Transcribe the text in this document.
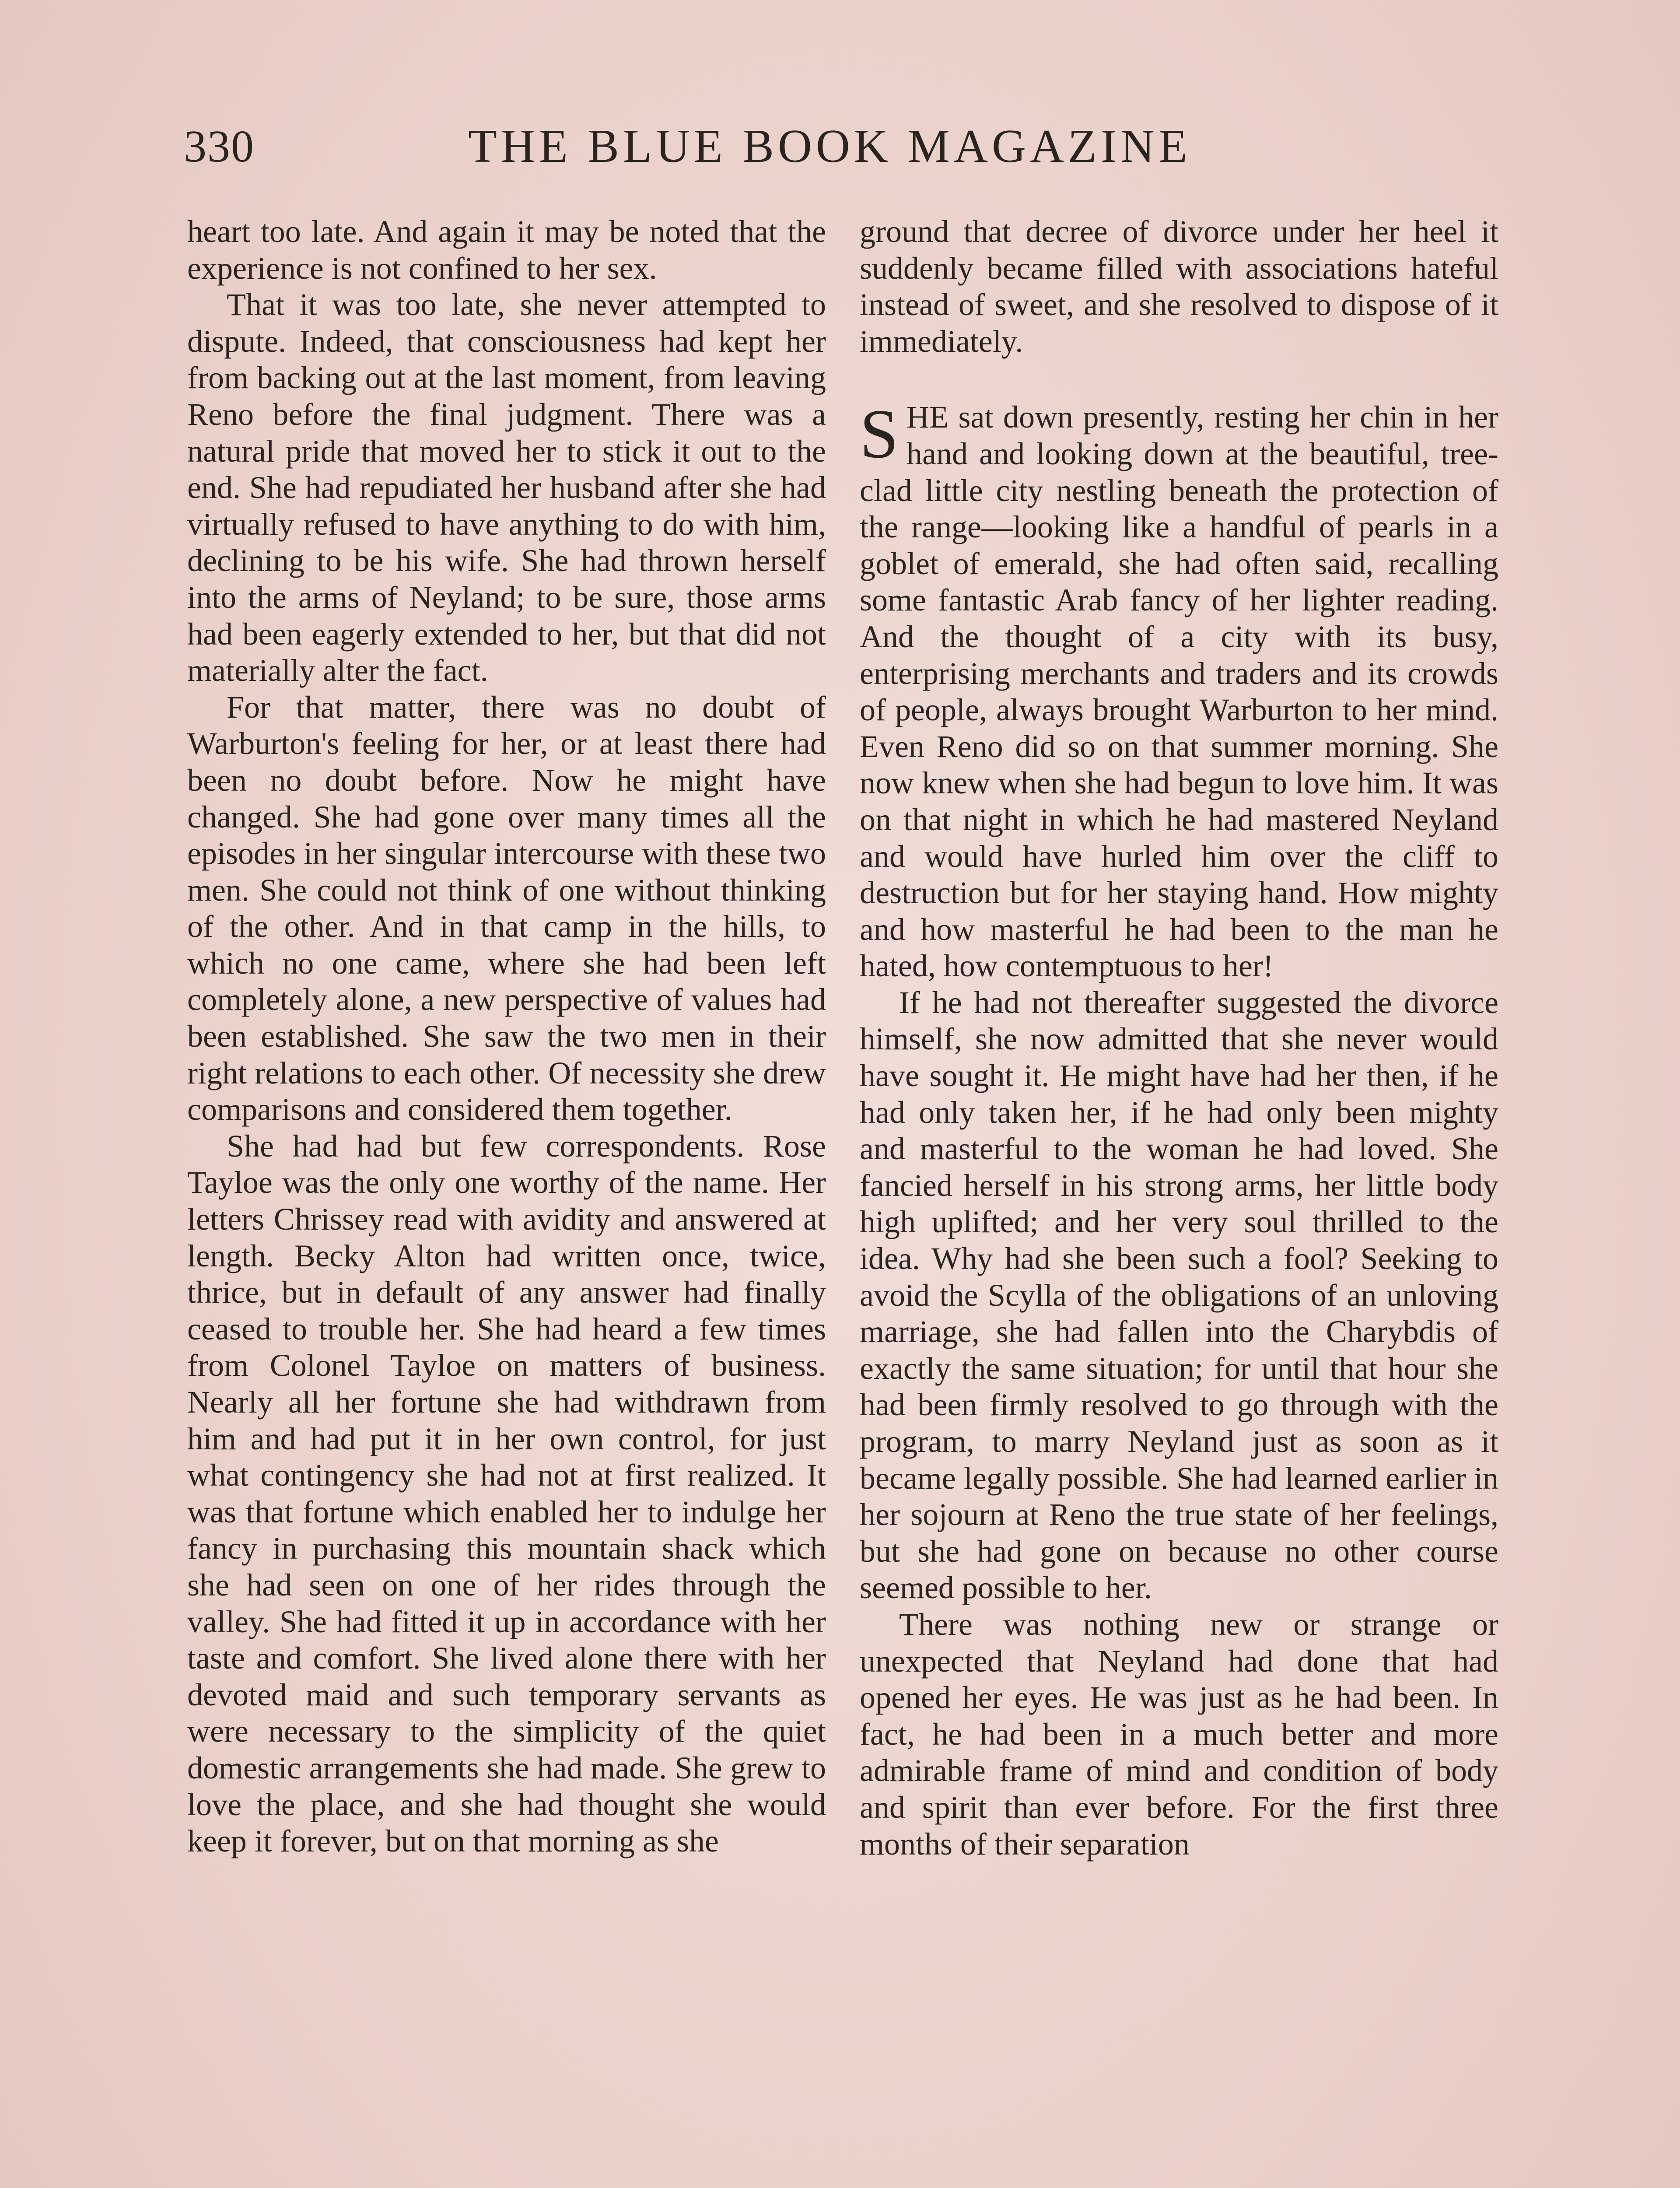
330	THE BLUE BOOK MAGAZINE

heart too late. And again it may be noted that the experience is not confined to her sex.

That it was too late, she never attempted to dispute. Indeed, that consciousness had kept her from backing out at the last moment, from leaving Reno before the final judgment. There was a natural pride that moved her to stick it out to the end. She had repudiated her husband after she had virtually refused to have anything to do with him, declining to be his wife. She had thrown herself into the arms of Neyland; to be sure, those arms had been eagerly extended to her, but that did not materially alter the fact.

For that matter, there was no doubt of Warburton's feeling for her, or at least there had been no doubt before. Now he might have changed. She had gone over many times all the episodes in her singular intercourse with these two men. She could not think of one without thinking of the other. And in that camp in the hills, to which no one came, where she had been left completely alone, a new perspective of values had been established. She saw the two men in their right relations to each other. Of necessity she drew comparisons and considered them together.

She had had but few correspondents. Rose Tayloe was the only one worthy of the name. Her letters Chrissey read with avidity and answered at length. Becky Alton had written once, twice, thrice, but in default of any answer had finally ceased to trouble her. She had heard a few times from Colonel Tayloe on matters of business. Nearly all her fortune she had withdrawn from him and had put it in her own control, for just what contingency she had not at first realized. It was that fortune which enabled her to indulge her fancy in purchasing this mountain shack which she had seen on one of her rides through the valley. She had fitted it up in accordance with her taste and comfort. She lived alone there with her devoted maid and such temporary servants as were necessary to the simplicity of the quiet domestic arrangements she had made. She grew to love the place, and she had thought she would keep it forever, but on that morning as she

ground that decree of divorce under her heel it suddenly became filled with associations hateful instead of sweet, and she resolved to dispose of it immediately.

SHE sat down presently, resting her chin in her hand and looking down at the beautiful, tree-clad little city nestling beneath the protection of the range—looking like a handful of pearls in a goblet of emerald, she had often said, recalling some fantastic Arab fancy of her lighter reading. And the thought of a city with its busy, enterprising merchants and traders and its crowds of people, always brought Warburton to her mind. Even Reno did so on that summer morning. She now knew when she had begun to love him. It was on that night in which he had mastered Neyland and would have hurled him over the cliff to destruction but for her staying hand. How mighty and how masterful he had been to the man he hated, how contemptuous to her!

If he had not thereafter suggested the divorce himself, she now admitted that she never would have sought it. He might have had her then, if he had only taken her, if he had only been mighty and masterful to the woman he had loved. She fancied herself in his strong arms, her little body high uplifted; and her very soul thrilled to the idea. Why had she been such a fool? Seeking to avoid the Scylla of the obligations of an unloving marriage, she had fallen into the Charybdis of exactly the same situation; for until that hour she had been firmly resolved to go through with the program, to marry Neyland just as soon as it became legally possible. She had learned earlier in her sojourn at Reno the true state of her feelings, but she had gone on because no other course seemed possible to her.

There was nothing new or strange or unexpected that Neyland had done that had opened her eyes. He was just as he had been. In fact, he had been in a much better and more admirable frame of mind and condition of body and spirit than ever before. For the first three months of their separation
